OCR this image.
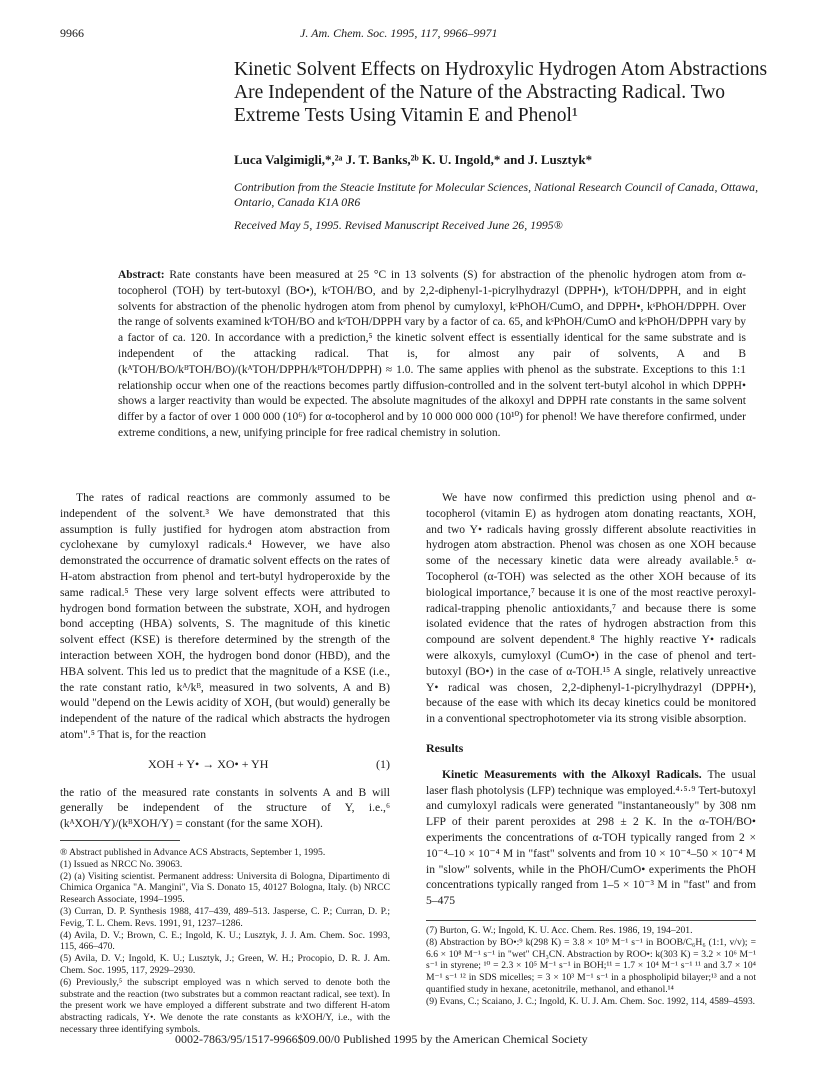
9966	J. Am. Chem. Soc. 1995, 117, 9966–9971
Kinetic Solvent Effects on Hydroxylic Hydrogen Atom Abstractions Are Independent of the Nature of the Abstracting Radical. Two Extreme Tests Using Vitamin E and Phenol¹
Luca Valgimigli,*,²ᵃ J. T. Banks,²ᵇ K. U. Ingold,* and J. Lusztyk*
Contribution from the Steacie Institute for Molecular Sciences, National Research Council of Canada, Ottawa, Ontario, Canada K1A 0R6
Received May 5, 1995. Revised Manuscript Received June 26, 1995®
Abstract: Rate constants have been measured at 25 °C in 13 solvents (S) for abstraction of the phenolic hydrogen atom from α-tocopherol (TOH) by tert-butoxyl (BO•), kˢTOH/BO, and by 2,2-diphenyl-1-picrylhydrazyl (DPPH•), kˢTOH/DPPH, and in eight solvents for abstraction of the phenolic hydrogen atom from phenol by cumyloxyl, kˢPhOH/CumO, and DPPH•, kˢPhOH/DPPH. Over the range of solvents examined kˢTOH/BO and kˢTOH/DPPH vary by a factor of ca. 65, and kˢPhOH/CumO and kˢPhOH/DPPH vary by a factor of ca. 120. In accordance with a prediction,⁵ the kinetic solvent effect is essentially identical for the same substrate and is independent of the attacking radical. That is, for almost any pair of solvents, A and B (kᴬTOH/BO/kᴮTOH/BO)/(kᴬTOH/DPPH/kᴮTOH/DPPH) ≈ 1.0. The same applies with phenol as the substrate. Exceptions to this 1:1 relationship occur when one of the reactions becomes partly diffusion-controlled and in the solvent tert-butyl alcohol in which DPPH• shows a larger reactivity than would be expected. The absolute magnitudes of the alkoxyl and DPPH rate constants in the same solvent differ by a factor of over 1 000 000 (10⁶) for α-tocopherol and by 10 000 000 000 (10¹⁰) for phenol! We have therefore confirmed, under extreme conditions, a new, unifying principle for free radical chemistry in solution.

The rates of radical reactions are commonly assumed to be independent of the solvent.³ We have demonstrated that this assumption is fully justified for hydrogen atom abstraction from cyclohexane by cumyloxyl radicals.⁴ However, we have also demonstrated the occurrence of dramatic solvent effects on the rates of H-atom abstraction from phenol and tert-butyl hydroperoxide by the same radical.⁵ These very large solvent effects were attributed to hydrogen bond formation between the substrate, XOH, and hydrogen bond accepting (HBA) solvents, S. The magnitude of this kinetic solvent effect (KSE) is therefore determined by the strength of the interaction between XOH, the hydrogen bond donor (HBD), and the HBA solvent. This led us to predict that the magnitude of a KSE (i.e., the rate constant ratio, kᴬ/kᴮ, measured in two solvents, A and B) would "depend on the Lewis acidity of XOH, (but would) generally be independent of the nature of the radical which abstracts the hydrogen atom".⁵ That is, for the reaction

XOH + Y• → XO• + YH	(1)

the ratio of the measured rate constants in solvents A and B will generally be independent of the structure of Y, i.e.,⁶ (kᴬXOH/Y)/(kᴮXOH/Y) = constant (for the same XOH).

® Abstract published in Advance ACS Abstracts, September 1, 1995.
(1) Issued as NRCC No. 39063.
(2) (a) Visiting scientist. Permanent address: Universita di Bologna, Dipartimento di Chimica Organica "A. Mangini", Via S. Donato 15, 40127 Bologna, Italy. (b) NRCC Research Associate, 1994–1995.
(3) Curran, D. P. Synthesis 1988, 417–439, 489–513. Jasperse, C. P.; Curran, D. P.; Fevig, T. L. Chem. Revs. 1991, 91, 1237–1286.
(4) Avila, D. V.; Brown, C. E.; Ingold, K. U.; Lusztyk, J. J. Am. Chem. Soc. 1993, 115, 466–470.
(5) Avila, D. V.; Ingold, K. U.; Lusztyk, J.; Green, W. H.; Procopio, D. R. J. Am. Chem. Soc. 1995, 117, 2929–2930.
(6) Previously,⁵ the subscript employed was n which served to denote both the substrate and the reaction (two substrates but a common reactant radical, see text). In the present work we have employed a different substrate and two different H-atom abstracting radicals, Y•. We denote the rate constants as kˢXOH/Y, i.e., with the necessary three identifying symbols.

We have now confirmed this prediction using phenol and α-tocopherol (vitamin E) as hydrogen atom donating reactants, XOH, and two Y• radicals having grossly different absolute reactivities in hydrogen atom abstraction. Phenol was chosen as one XOH because some of the necessary kinetic data were already available.⁵ α-Tocopherol (α-TOH) was selected as the other XOH because of its biological importance,⁷ because it is one of the most reactive peroxyl-radical-trapping phenolic antioxidants,⁷ and because there is some isolated evidence that the rates of hydrogen abstraction from this compound are solvent dependent.⁸ The highly reactive Y• radicals were alkoxyls, cumyloxyl (CumO•) in the case of phenol and tert-butoxyl (BO•) in the case of α-TOH.¹⁵ A single, relatively unreactive Y• radical was chosen, 2,2-diphenyl-1-picrylhydrazyl (DPPH•), because of the ease with which its decay kinetics could be monitored in a conventional spectrophotometer via its strong visible absorption.

Results

Kinetic Measurements with the Alkoxyl Radicals. The usual laser flash photolysis (LFP) technique was employed.⁴·⁵·⁹ Tert-butoxyl and cumyloxyl radicals were generated "instantaneously" by 308 nm LFP of their parent peroxides at 298 ± 2 K. In the α-TOH/BO• experiments the concentrations of α-TOH typically ranged from 2 × 10⁻⁴–10 × 10⁻⁴ M in "fast" solvents and from 10 × 10⁻⁴–50 × 10⁻⁴ M in "slow" solvents, while in the PhOH/CumO• experiments the PhOH concentrations typically ranged from 1–5 × 10⁻³ M in "fast" and from 5–475

(7) Burton, G. W.; Ingold, K. U. Acc. Chem. Res. 1986, 19, 194–201.
(8) Abstraction by BO•:⁹ k(298 K) = 3.8 × 10⁹ M⁻¹ s⁻¹ in BOOB/C₆H₆ (1:1, v/v); = 6.6 × 10⁸ M⁻¹ s⁻¹ in "wet" CH₃CN. Abstraction by ROO•: k(303 K) = 3.2 × 10⁶ M⁻¹ s⁻¹ in styrene; ¹⁰ = 2.3 × 10⁵ M⁻¹ s⁻¹ in BOH;¹¹ = 1.7 × 10⁴ M⁻¹ s⁻¹ ¹¹ and 3.7 × 10⁴ M⁻¹ s⁻¹ ¹² in SDS micelles; = 3 × 10³ M⁻¹ s⁻¹ in a phospholipid bilayer;¹³ and a not quantified study in hexane, acetonitrile, methanol, and ethanol.¹⁴
(9) Evans, C.; Scaiano, J. C.; Ingold, K. U. J. Am. Chem. Soc. 1992, 114, 4589–4593.
0002-7863/95/1517-9966$09.00/0 Published 1995 by the American Chemical Society
